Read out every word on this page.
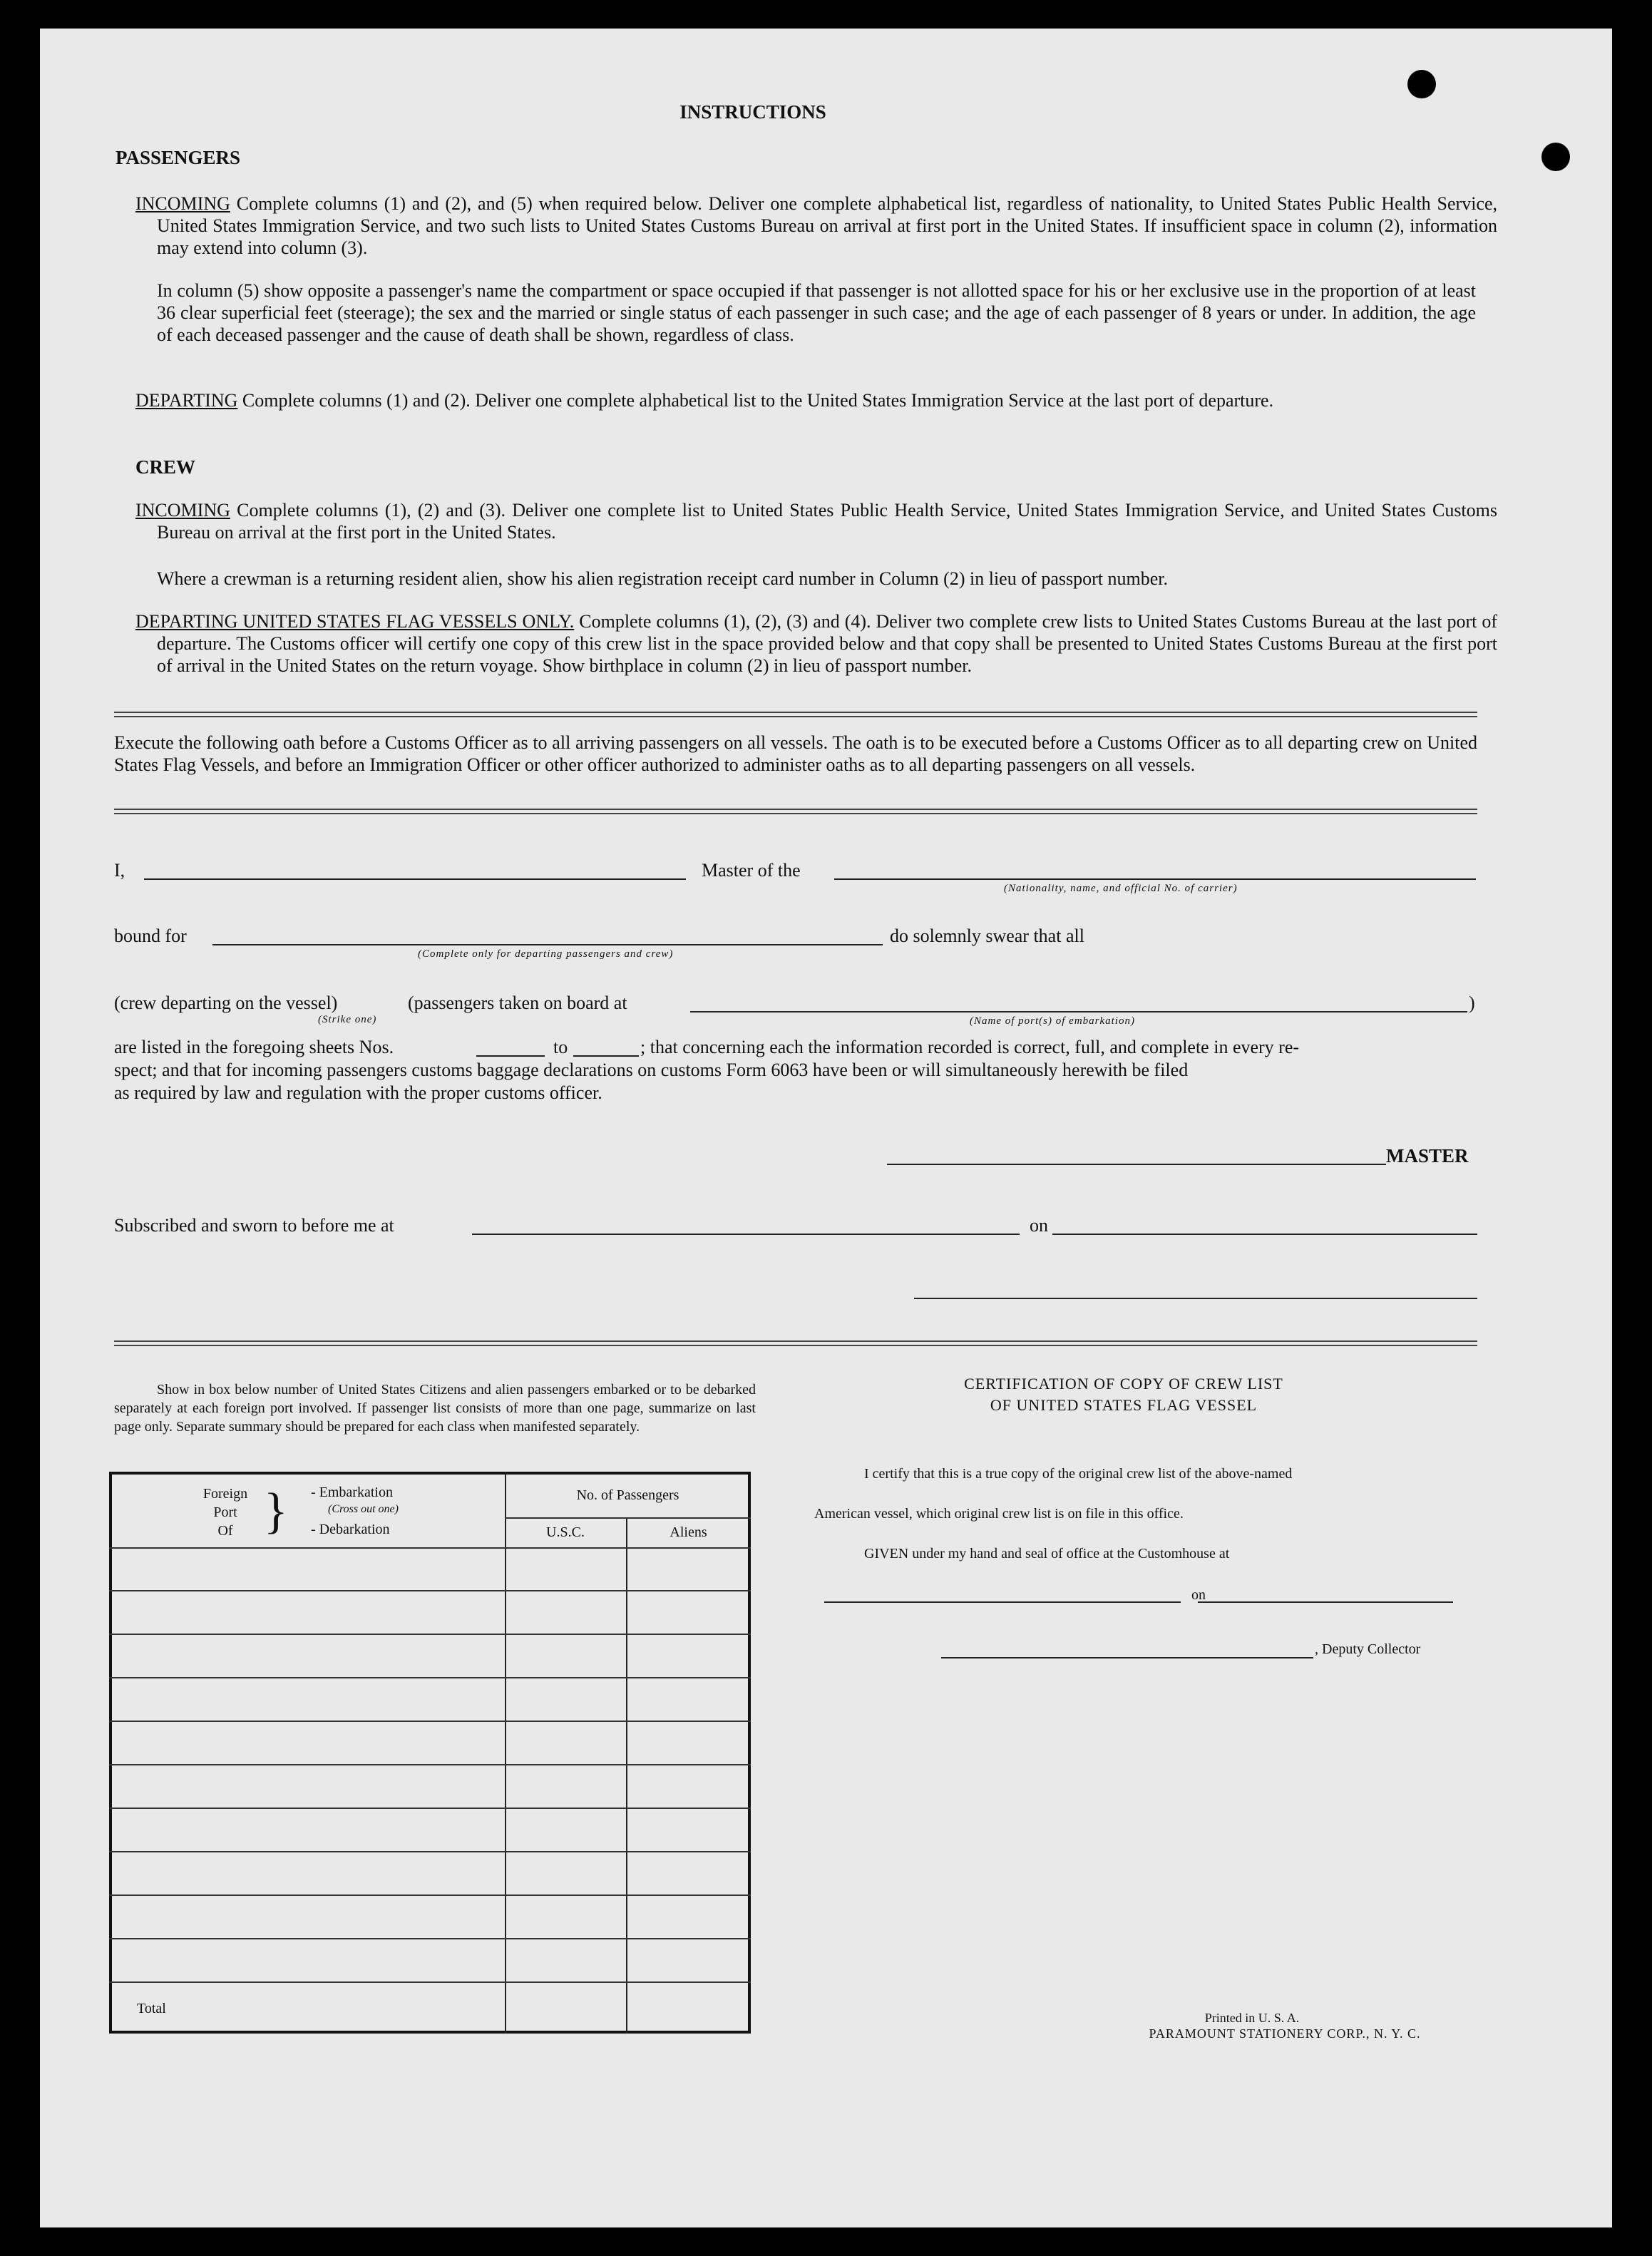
INSTRUCTIONS
PASSENGERS
INCOMING Complete columns (1) and (2), and (5) when required below. Deliver one complete alphabetical list, regardless of nationality, to United States Public Health Service, United States Immigration Service, and two such lists to United States Customs Bureau on arrival at first port in the United States. If insufficient space in column (2), information may extend into column (3).
In column (5) show opposite a passenger's name the compartment or space occupied if that passenger is not allotted space for his or her exclusive use in the proportion of at least 36 clear superficial feet (steerage); the sex and the married or single status of each passenger in such case; and the age of each passenger of 8 years or under. In addition, the age of each deceased passenger and the cause of death shall be shown, regardless of class.
DEPARTING Complete columns (1) and (2). Deliver one complete alphabetical list to the United States Immigration Service at the last port of departure.
CREW
INCOMING Complete columns (1), (2) and (3). Deliver one complete list to United States Public Health Service, United States Immigration Service, and United States Customs Bureau on arrival at the first port in the United States.
Where a crewman is a returning resident alien, show his alien registration receipt card number in Column (2) in lieu of passport number.
DEPARTING UNITED STATES FLAG VESSELS ONLY. Complete columns (1), (2), (3) and (4). Deliver two complete crew lists to United States Customs Bureau at the last port of departure. The Customs officer will certify one copy of this crew list in the space provided below and that copy shall be presented to United States Customs Bureau at the first port of arrival in the United States on the return voyage. Show birthplace in column (2) in lieu of passport number.
Execute the following oath before a Customs Officer as to all arriving passengers on all vessels. The oath is to be executed before a Customs Officer as to all departing crew on United States Flag Vessels, and before an Immigration Officer or other officer authorized to administer oaths as to all departing passengers on all vessels.
I,	Master of the
(Nationality, name, and official No. of carrier)
bound for
(Complete only for departing passengers and crew)
do solemnly swear that all
(crew departing on the vessel)
(Strike one)
(passengers taken on board at	)
(Name of port(s) of embarkation)
are listed in the foregoing sheets Nos.	to	; that concerning each the information recorded is correct, full, and complete in every re-
spect; and that for incoming passengers customs baggage declarations on customs Form 6063 have been or will simultaneously herewith be filed
as required by law and regulation with the proper customs officer.
MASTER
Subscribed and sworn to before me at	on
Show in box below number of United States Citizens and alien passengers embarked or to be debarked separately at each foreign port involved. If passenger list consists of more than one page, summarize on last page only. Separate summary should be prepared for each class when manifested separately.
Foreign
Port
Of } - Embarkation
(Cross out one)
- Debarkation
No. of Passengers
U.S.C.	Aliens
Total
CERTIFICATION OF COPY OF CREW LIST
OF UNITED STATES FLAG VESSEL
I certify that this is a true copy of the original crew list of the above-named
American vessel, which original crew list is on file in this office.
GIVEN under my hand and seal of office at the Customhouse at
on
, Deputy Collector
Printed in U. S. A.
PARAMOUNT STATIONERY CORP., N. Y. C.
